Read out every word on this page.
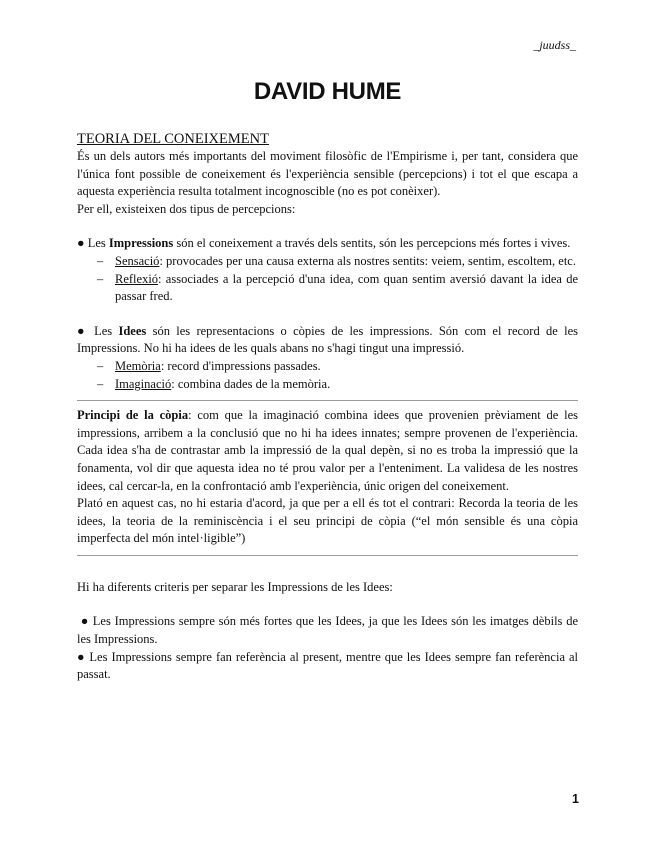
_juudss_
DAVID HUME

TEORIA DEL CONEIXEMENT

És un dels autors més importants del moviment filosòfic de l'Empirisme i, per tant, considera que l'única font possible de coneixement és l'experiència sensible (percepcions) i tot el que escapa a aquesta experiència resulta totalment incognoscible (no es pot conèixer).

Per ell, existeixen dos tipus de percepcions:

● Les Impressions són el coneixement a través dels sentits, són les percepcions més fortes i vives.

– Sensació: provocades per una causa externa als nostres sentits: veiem, sentim, escoltem, etc.
– Reflexió: associades a la percepció d'una idea, com quan sentim aversió davant la idea de passar fred.

● Les Idees són les representacions o còpies de les impressions. Són com el record de les Impressions. No hi ha idees de les quals abans no s'hagi tingut una impressió.

– Memòria: record d'impressions passades.
– Imaginació: combina dades de la memòria.

Principi de la còpia: com que la imaginació combina idees que provenien prèviament de les impressions, arribem a la conclusió que no hi ha idees innates; sempre provenen de l'experiència. Cada idea s'ha de contrastar amb la impressió de la qual depèn, si no es troba la impressió que la fonamenta, vol dir que aquesta idea no té prou valor per a l'enteniment. La validesa de les nostres idees, cal cercar-la, en la confrontació amb l'experiència, únic origen del coneixement.

Plató en aquest cas, no hi estaria d'acord, ja que per a ell és tot el contrari: Recorda la teoria de les idees, la teoria de la reminiscència i el seu principi de còpia (“el món sensible és una còpia imperfecta del món intel·ligible”)

Hi ha diferents criteris per separar les Impressions de les Idees:

● Les Impressions sempre són més fortes que les Idees, ja que les Idees són les imatges dèbils de les Impressions.

● Les Impressions sempre fan referència al present, mentre que les Idees sempre fan referència al passat.

1
